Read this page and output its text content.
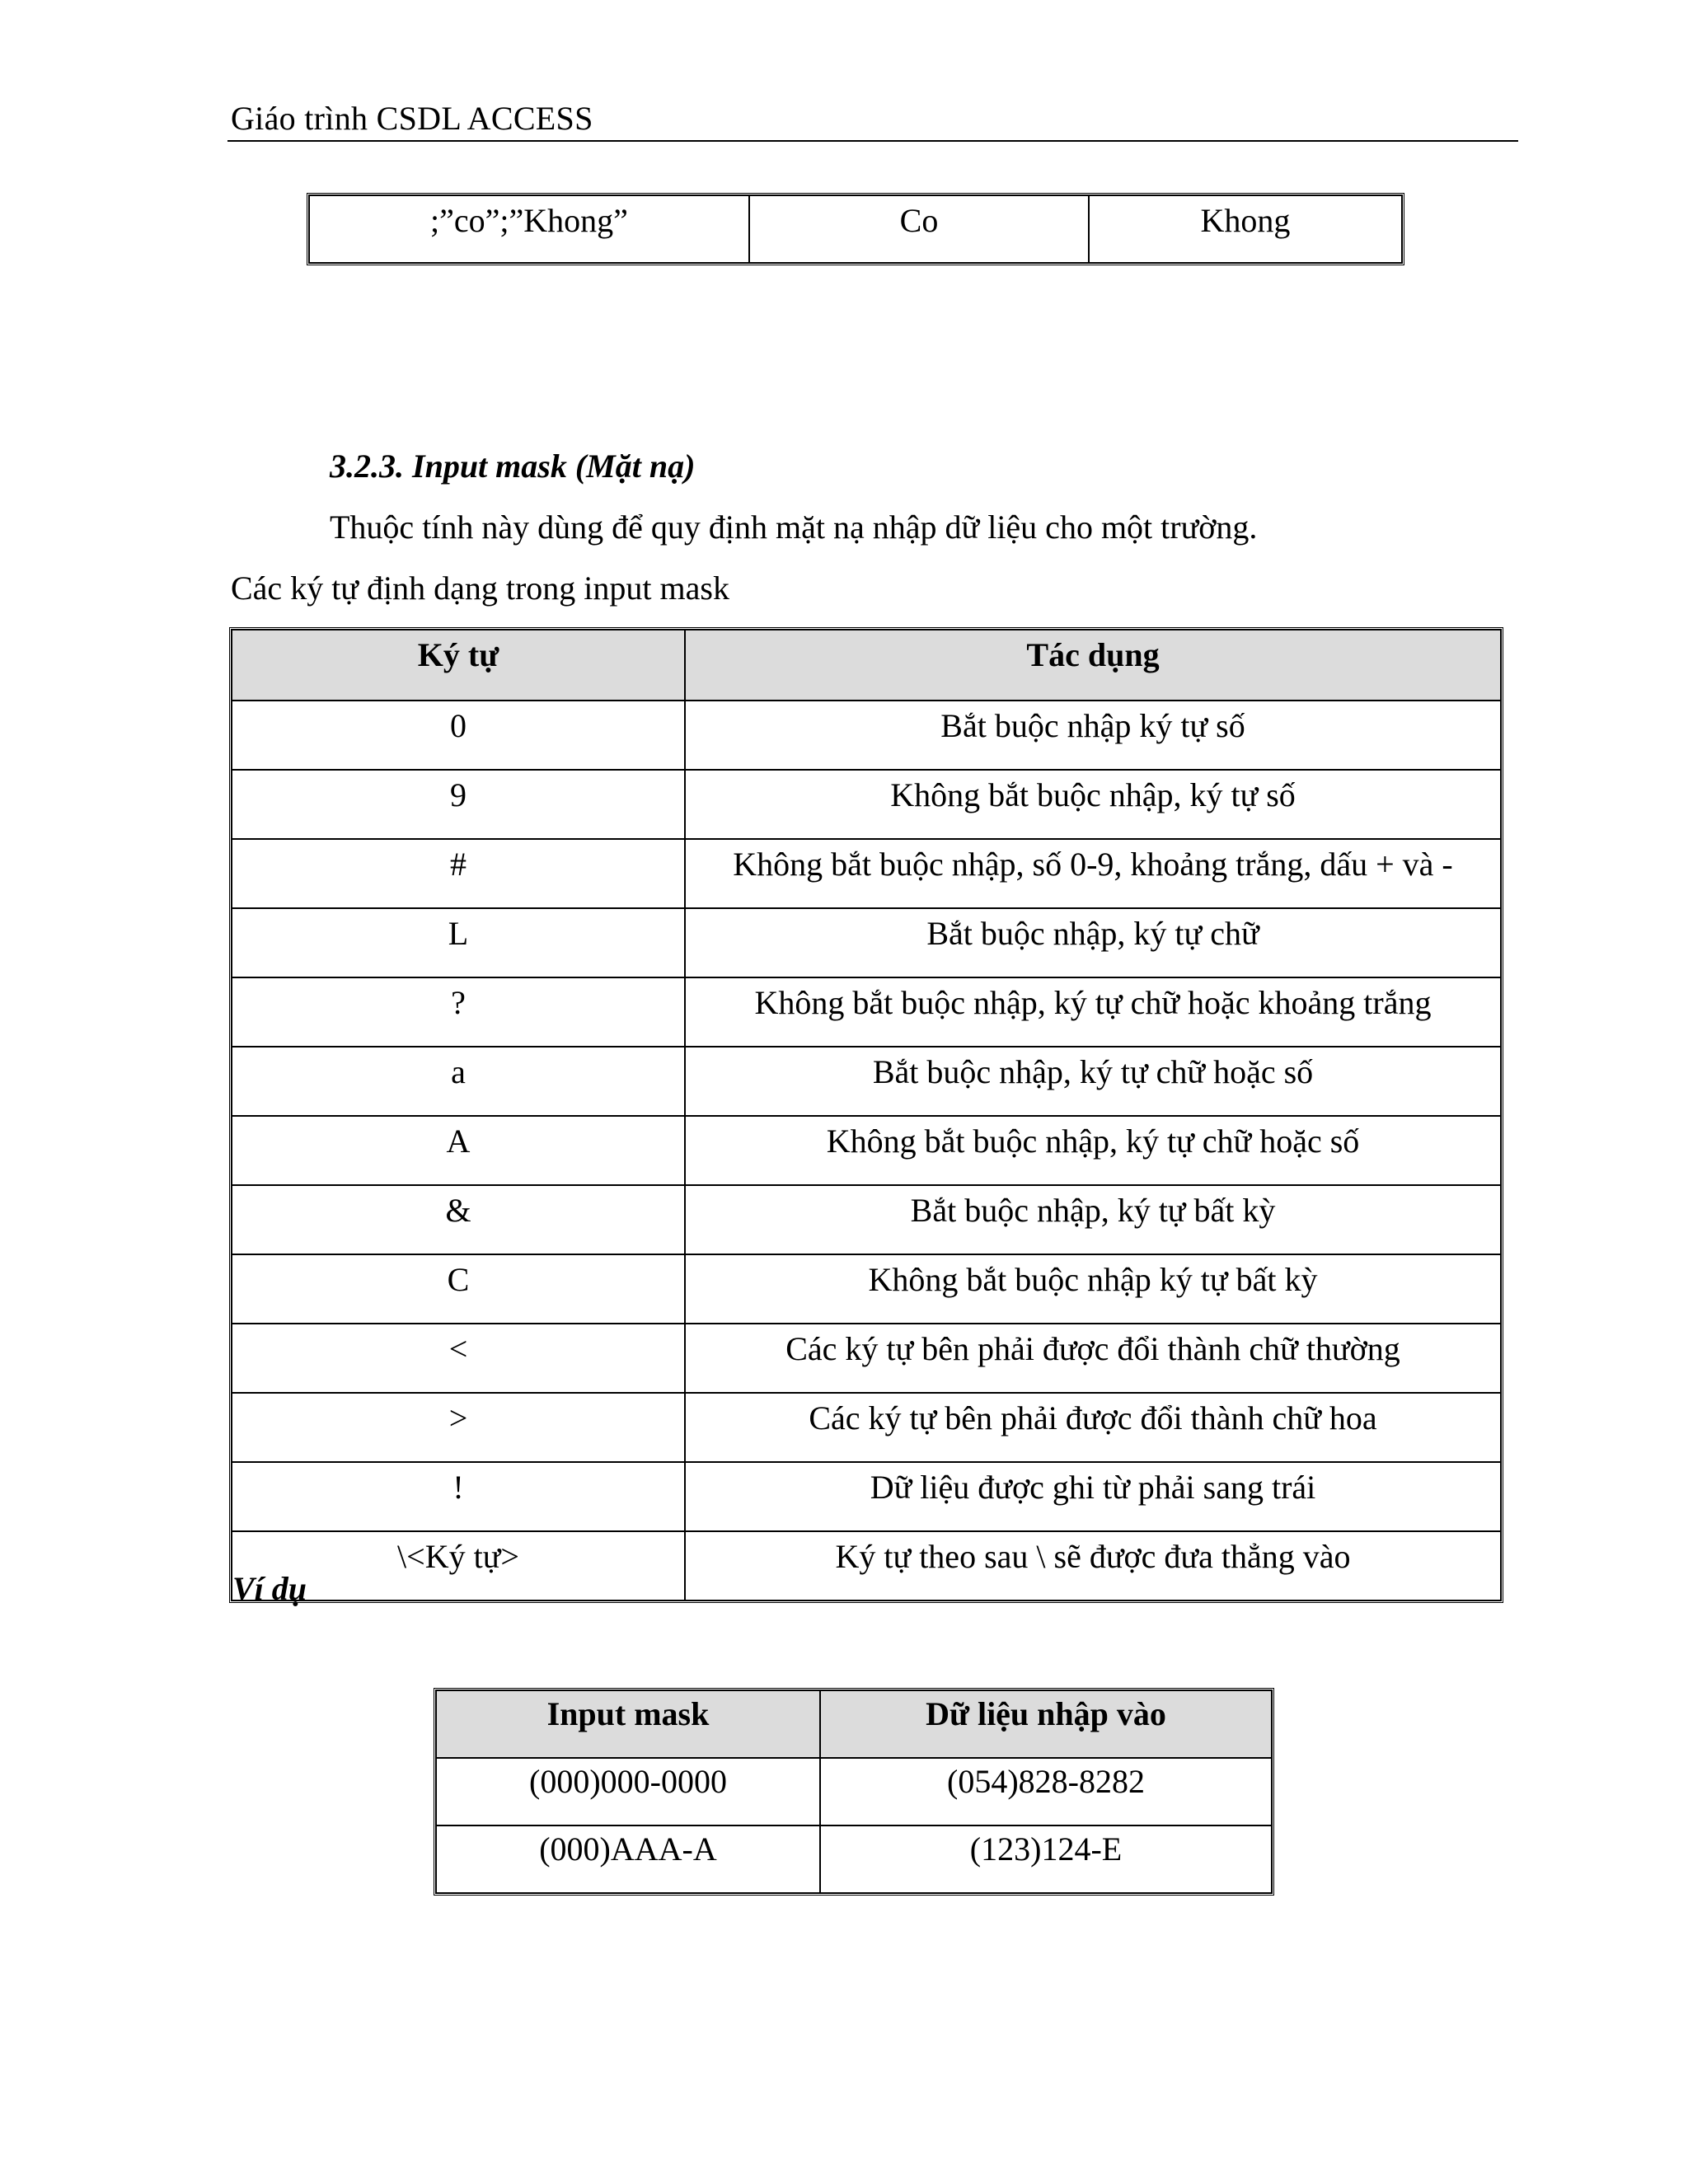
Giáo trình CSDL ACCESS
;”co”;”Khong”	Co	Khong
3.2.3. Input mask (Mặt nạ)
Thuộc tính này dùng để quy định mặt nạ nhập dữ liệu cho một trường.
Các ký tự định dạng trong input mask
Ký tự	Tác dụng
0	Bắt buộc nhập ký tự số
9	Không bắt buộc nhập, ký tự số
#	Không bắt buộc nhập, số 0-9, khoảng trắng, dấu + và -
L	Bắt buộc nhập, ký tự chữ
?	Không bắt buộc nhập, ký tự chữ hoặc khoảng trắng
a	Bắt buộc nhập, ký tự chữ hoặc số
A	Không bắt buộc nhập, ký tự chữ hoặc số
&	Bắt buộc nhập, ký tự bất kỳ
C	Không bắt buộc nhập ký tự bất kỳ
<	Các ký tự bên phải được đổi thành chữ thường
>	Các ký tự bên phải được đổi thành chữ hoa
!	Dữ liệu được ghi từ phải sang trái
\<Ký tự>	Ký tự theo sau \ sẽ được đưa thẳng vào
Ví dụ
Input mask	Dữ liệu nhập vào
(000)000-0000	(054)828-8282
(000)AAA-A	(123)124-E
